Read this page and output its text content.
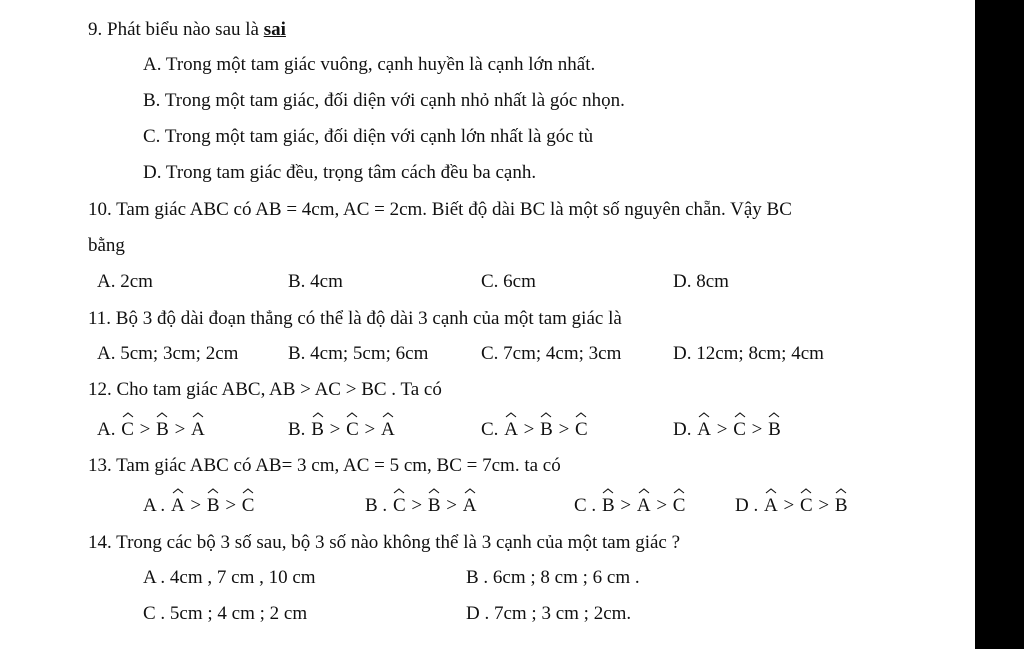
9. Phát biểu nào sau là sai
A. Trong một tam giác vuông, cạnh huyền là cạnh lớn nhất.
B. Trong một tam giác, đối diện với cạnh nhỏ nhất là góc nhọn.
C. Trong một tam giác, đối diện với cạnh lớn nhất là góc tù
D. Trong tam giác đều, trọng tâm cách đều ba cạnh.
10. Tam giác ABC có AB = 4cm, AC = 2cm. Biết độ dài BC là một số nguyên chẵn. Vậy BC
bằng
A. 2cm	B. 4cm	C. 6cm	D. 8cm
11. Bộ 3 độ dài đoạn thẳng có thể là độ dài 3 cạnh của một tam giác là
A. 5cm; 3cm; 2cm	B. 4cm; 5cm; 6cm	C. 7cm; 4cm; 3cm	D. 12cm; 8cm; 4cm
12. Cho tam giác ABC, AB > AC > BC . Ta có
A.
C >
B >
A	B.
B >
C >
A	C.
A >
B >
C	D.
A >
C >
B
13. Tam giác ABC có AB= 3 cm, AC = 5 cm, BC = 7cm. ta có
A .
A >
B >
C	B .
C >
B >
A	C .
B >
A >
C	D .
A >
C >
B
14. Trong các bộ 3 số sau, bộ 3 số nào không thể là 3 cạnh của một tam giác ?
A . 4cm , 7 cm , 10 cm	B . 6cm ; 8 cm ; 6 cm .
C . 5cm ; 4 cm ; 2 cm	D . 7cm ; 3 cm ; 2cm.
